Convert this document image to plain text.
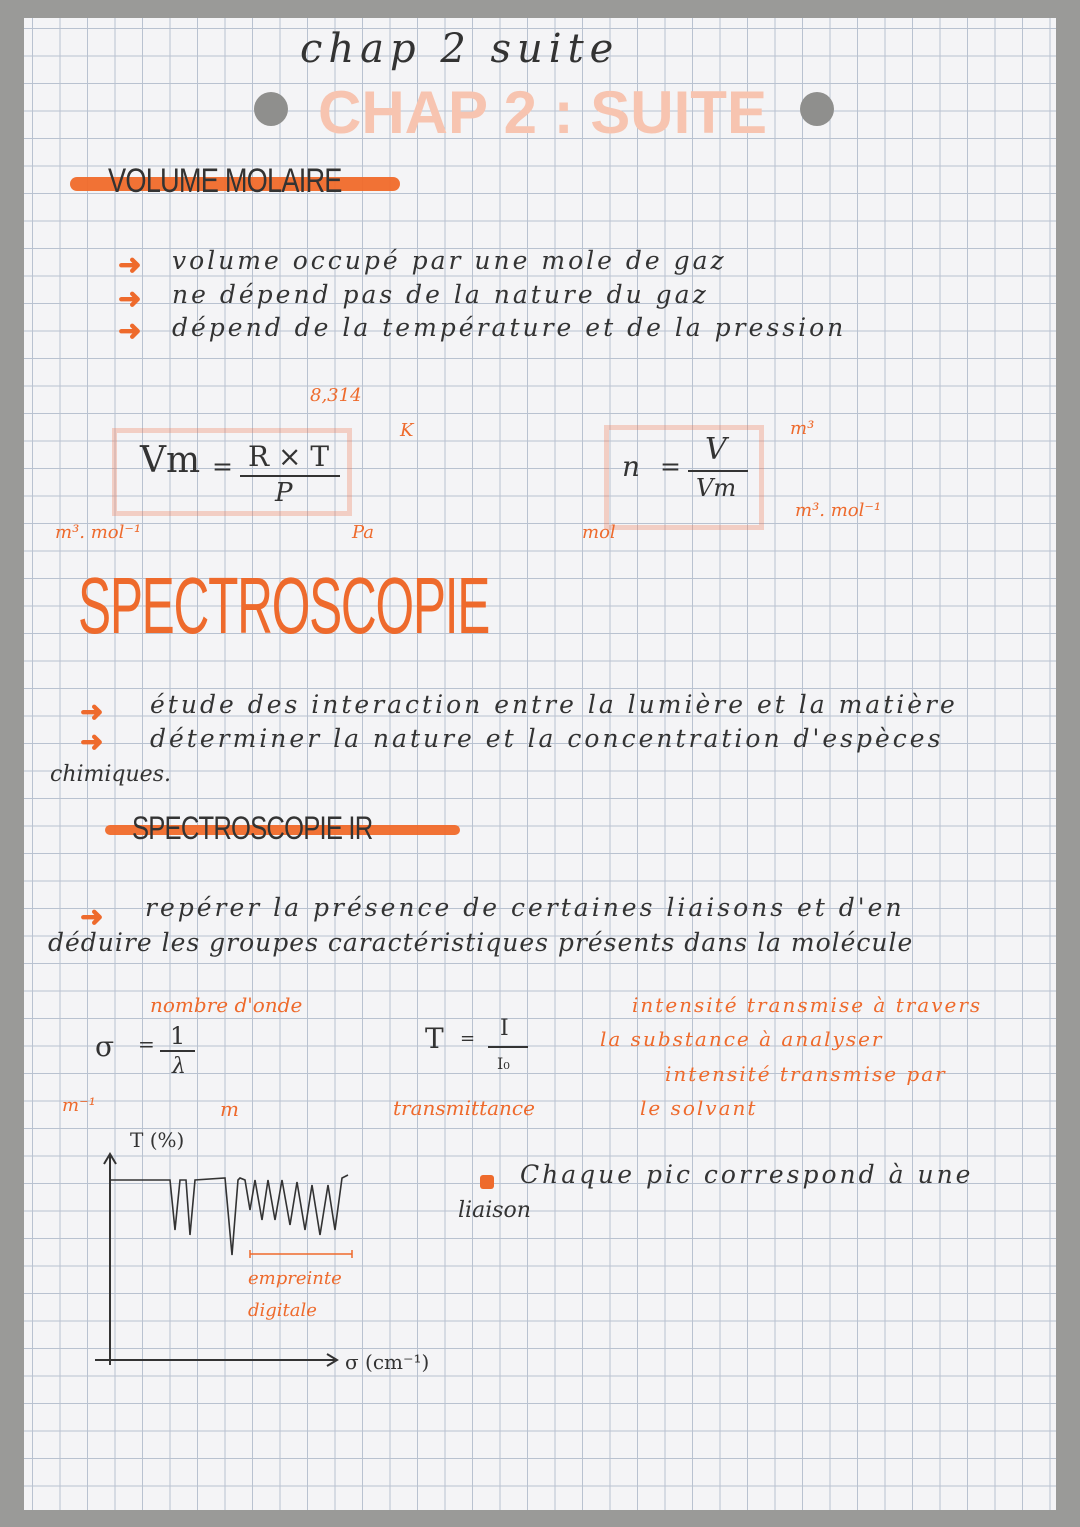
chap 2 suite
CHAP 2 : SUITE
VOLUME MOLAIRE
➜
➜
➜
volume occupé par une mole de gaz
ne dépend pas de la nature du gaz
dépend de la température et de la pression
Vm = R × T
P
8,314
K
Pa
m³. mol⁻¹
n = V
Vm
m³
m³. mol⁻¹
mol
SPECTROSCOPIE
➜
➜
étude des interaction entre la lumière et la matière
déterminer la nature et la concentration d'espèces
chimiques.
SPECTROSCOPIE IR
➜ repérer la présence de certaines liaisons et d'en
déduire les groupes caractéristiques présents dans la molécule
nombre d'onde
σ = 1
λ
m⁻¹	m
T = I
I₀
transmittance
intensité transmise à travers
la substance à analyser
intensité transmise par
le solvant
T (%)
σ (cm⁻¹)
empreinte
digitale
Chaque pic correspond à une
liaison
